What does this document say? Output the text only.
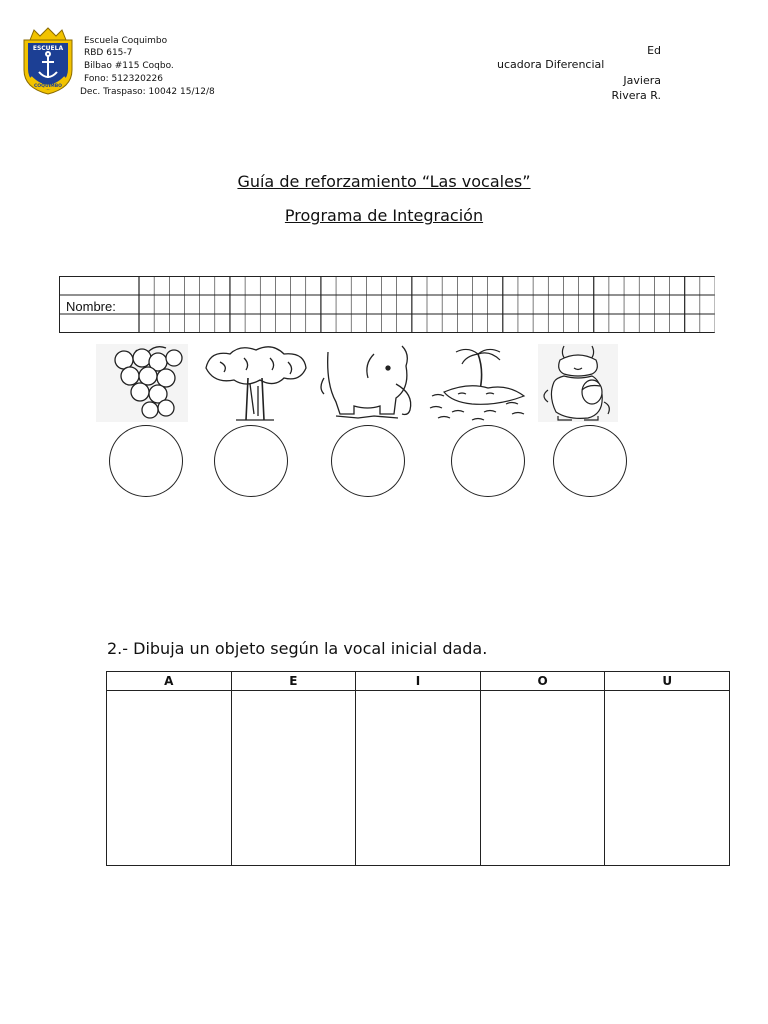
ESCUELA
COQUIMBO
Escuela Coquimbo
RBD 615-7
Bilbao #115 Coqbo.
Fono: 512320226
Dec. Traspaso: 10042 15/12/8
Ed
ucadora Diferencial
Javiera
Rivera R.
Guía de reforzamiento “Las vocales”
Programa de Integración
Nombre:
2.- Dibuja un objeto según la vocal inicial dada.
A	E	I	O	U
